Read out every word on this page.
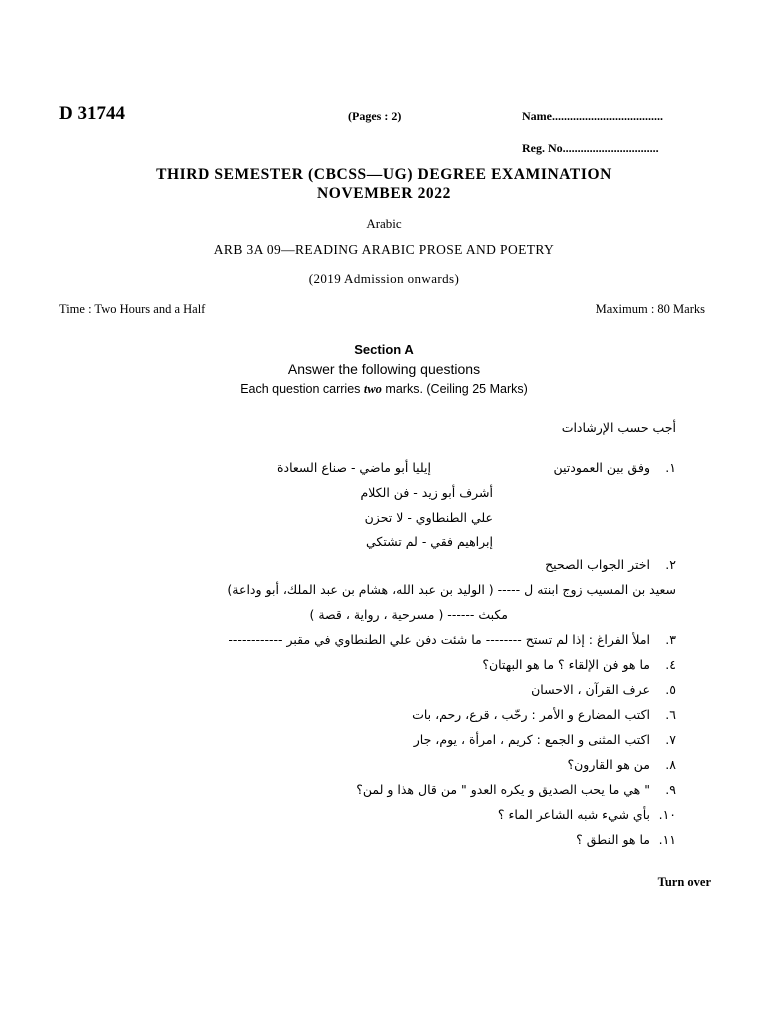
D 31744	(Pages : 2)	Name.....................................
Reg. No................................
THIRD SEMESTER (CBCSS—UG) DEGREE EXAMINATION
NOVEMBER 2022
Arabic
ARB 3A 09—READING ARABIC PROSE AND POETRY
(2019 Admission onwards)
Time : Two Hours and a Half	Maximum : 80 Marks
Section A
Answer the following questions
Each question carries two marks. (Ceiling 25 Marks)
أجب حسب الإرشادات
١.
وفق بين العمودتين
إيليا أبو ماضي - صناع السعادة
أشرف أبو زيد - فن الكلام
علي الطنطاوي - لا تحزن
إبراهيم فقي - لم تشتكي
٢.
اختر الجواب الصحيح
سعيد بن المسيب زوج ابنته ل ----- ( الوليد بن عبد الله، هشام بن عبد الملك، أبو وداعة)
مكبث ------ ( مسرحية ، رواية ، قصة )
٣.
املأ الفراغ : إذا لم تستح -------- ما شئت دفن علي الطنطاوي في مقبر ------------
٤.
ما هو فن الإلقاء ؟ ما هو البهتان؟
٥.
عرف القرآن ، الاحسان
٦.
اكتب المضارع و الأمر : رحّب ، قرع، رحم، بات
٧.
اكتب المثنى و الجمع : كريم ، امرأة ، يوم، جار
٨.
من هو القارون؟
٩.
" هي ما يحب الصديق و يكره العدو " من قال هذا و لمن؟
١٠.
بأي شيء شبه الشاعر الماء ؟
١١.
ما هو النطق ؟
Turn over
